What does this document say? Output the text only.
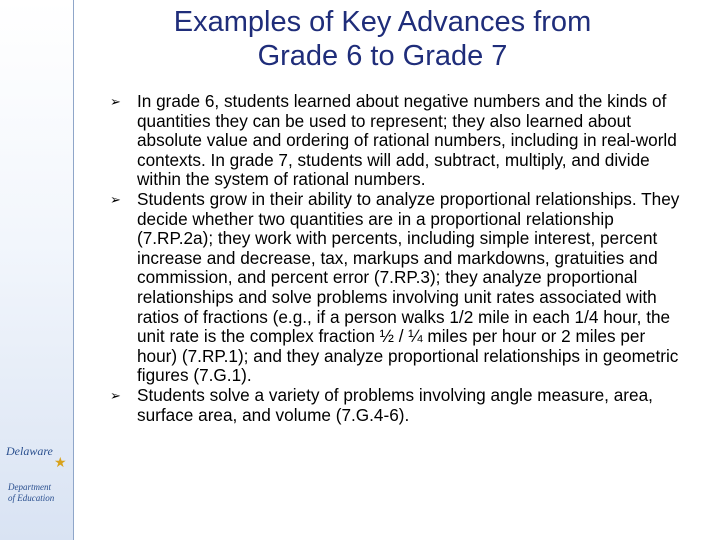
Delaware
★
Department
of Education
Examples of Key Advances from
Grade 6 to Grade 7
➢ In grade 6, students learned about negative numbers and the kinds of quantities they can be used to represent; they also learned about absolute value and ordering of rational numbers, including in real-world contexts. In grade 7, students will add, subtract, multiply, and divide within the system of rational numbers.
➢ Students grow in their ability to analyze proportional relationships. They decide whether two quantities are in a proportional relationship (7.RP.2a); they work with percents, including simple interest, percent increase and decrease, tax, markups and markdowns, gratuities and commission, and percent error (7.RP.3); they analyze proportional relationships and solve problems involving unit rates associated with ratios of fractions (e.g., if a person walks 1/2 mile in each 1/4 hour, the unit rate is the complex fraction ½ / ¼ miles per hour or 2 miles per hour) (7.RP.1); and they analyze proportional relationships in geometric figures (7.G.1).
➢ Students solve a variety of problems involving angle measure, area, surface area, and volume (7.G.4-6).
